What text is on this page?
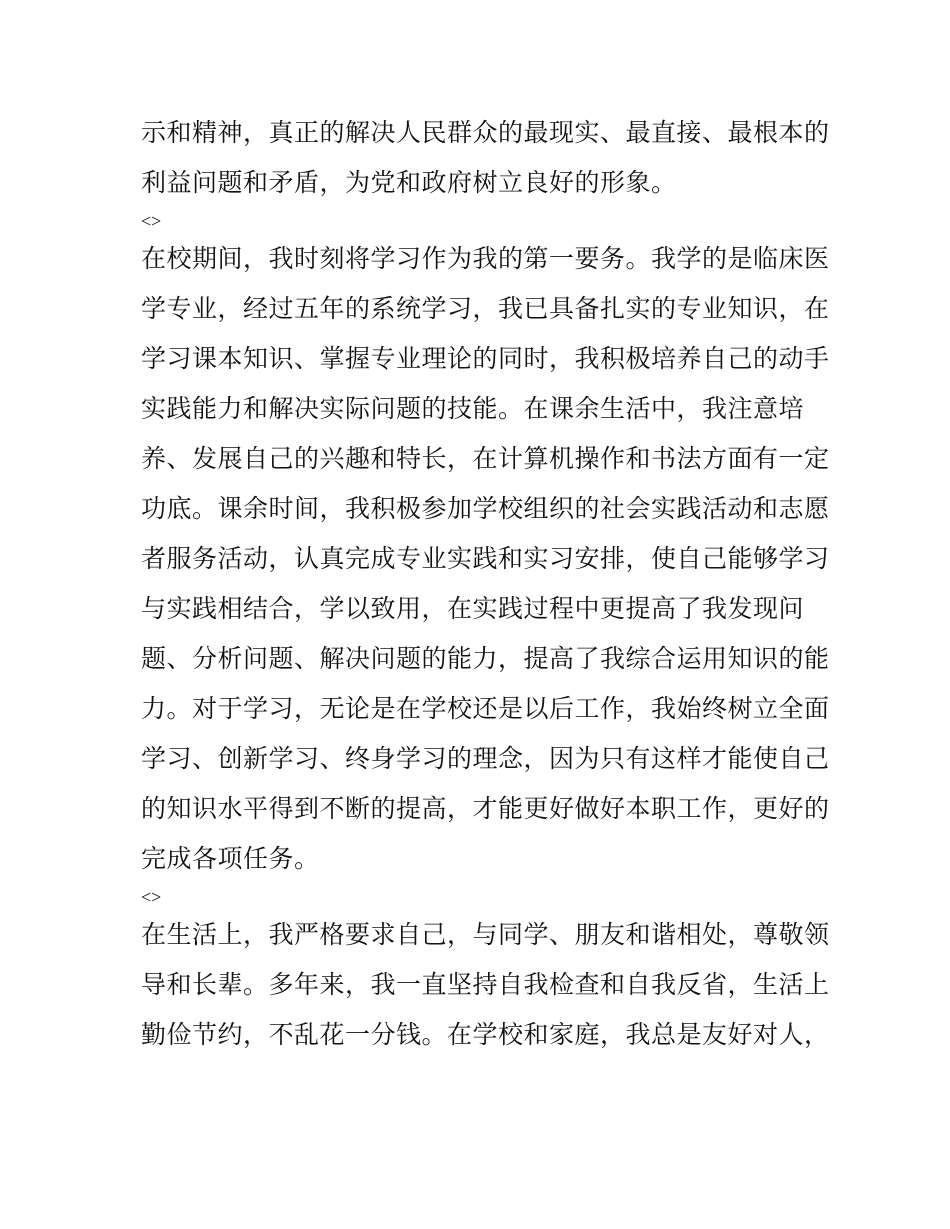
示和精神，真正的解决人民群众的最现实、最直接、最根本的
利益问题和矛盾，为党和政府树立良好的形象。
<>
在校期间，我时刻将学习作为我的第一要务。我学的是临床医
学专业，经过五年的系统学习，我已具备扎实的专业知识，在
学习课本知识、掌握专业理论的同时，我积极培养自己的动手
实践能力和解决实际问题的技能。在课余生活中，我注意培
养、发展自己的兴趣和特长，在计算机操作和书法方面有一定
功底。课余时间，我积极参加学校组织的社会实践活动和志愿
者服务活动，认真完成专业实践和实习安排，使自己能够学习
与实践相结合，学以致用，在实践过程中更提高了我发现问
题、分析问题、解决问题的能力，提高了我综合运用知识的能
力。对于学习，无论是在学校还是以后工作，我始终树立全面
学习、创新学习、终身学习的理念，因为只有这样才能使自己
的知识水平得到不断的提高，才能更好做好本职工作，更好的
完成各项任务。
<>
在生活上，我严格要求自己，与同学、朋友和谐相处，尊敬领
导和长辈。多年来，我一直坚持自我检查和自我反省，生活上
勤俭节约，不乱花一分钱。在学校和家庭，我总是友好对人，
